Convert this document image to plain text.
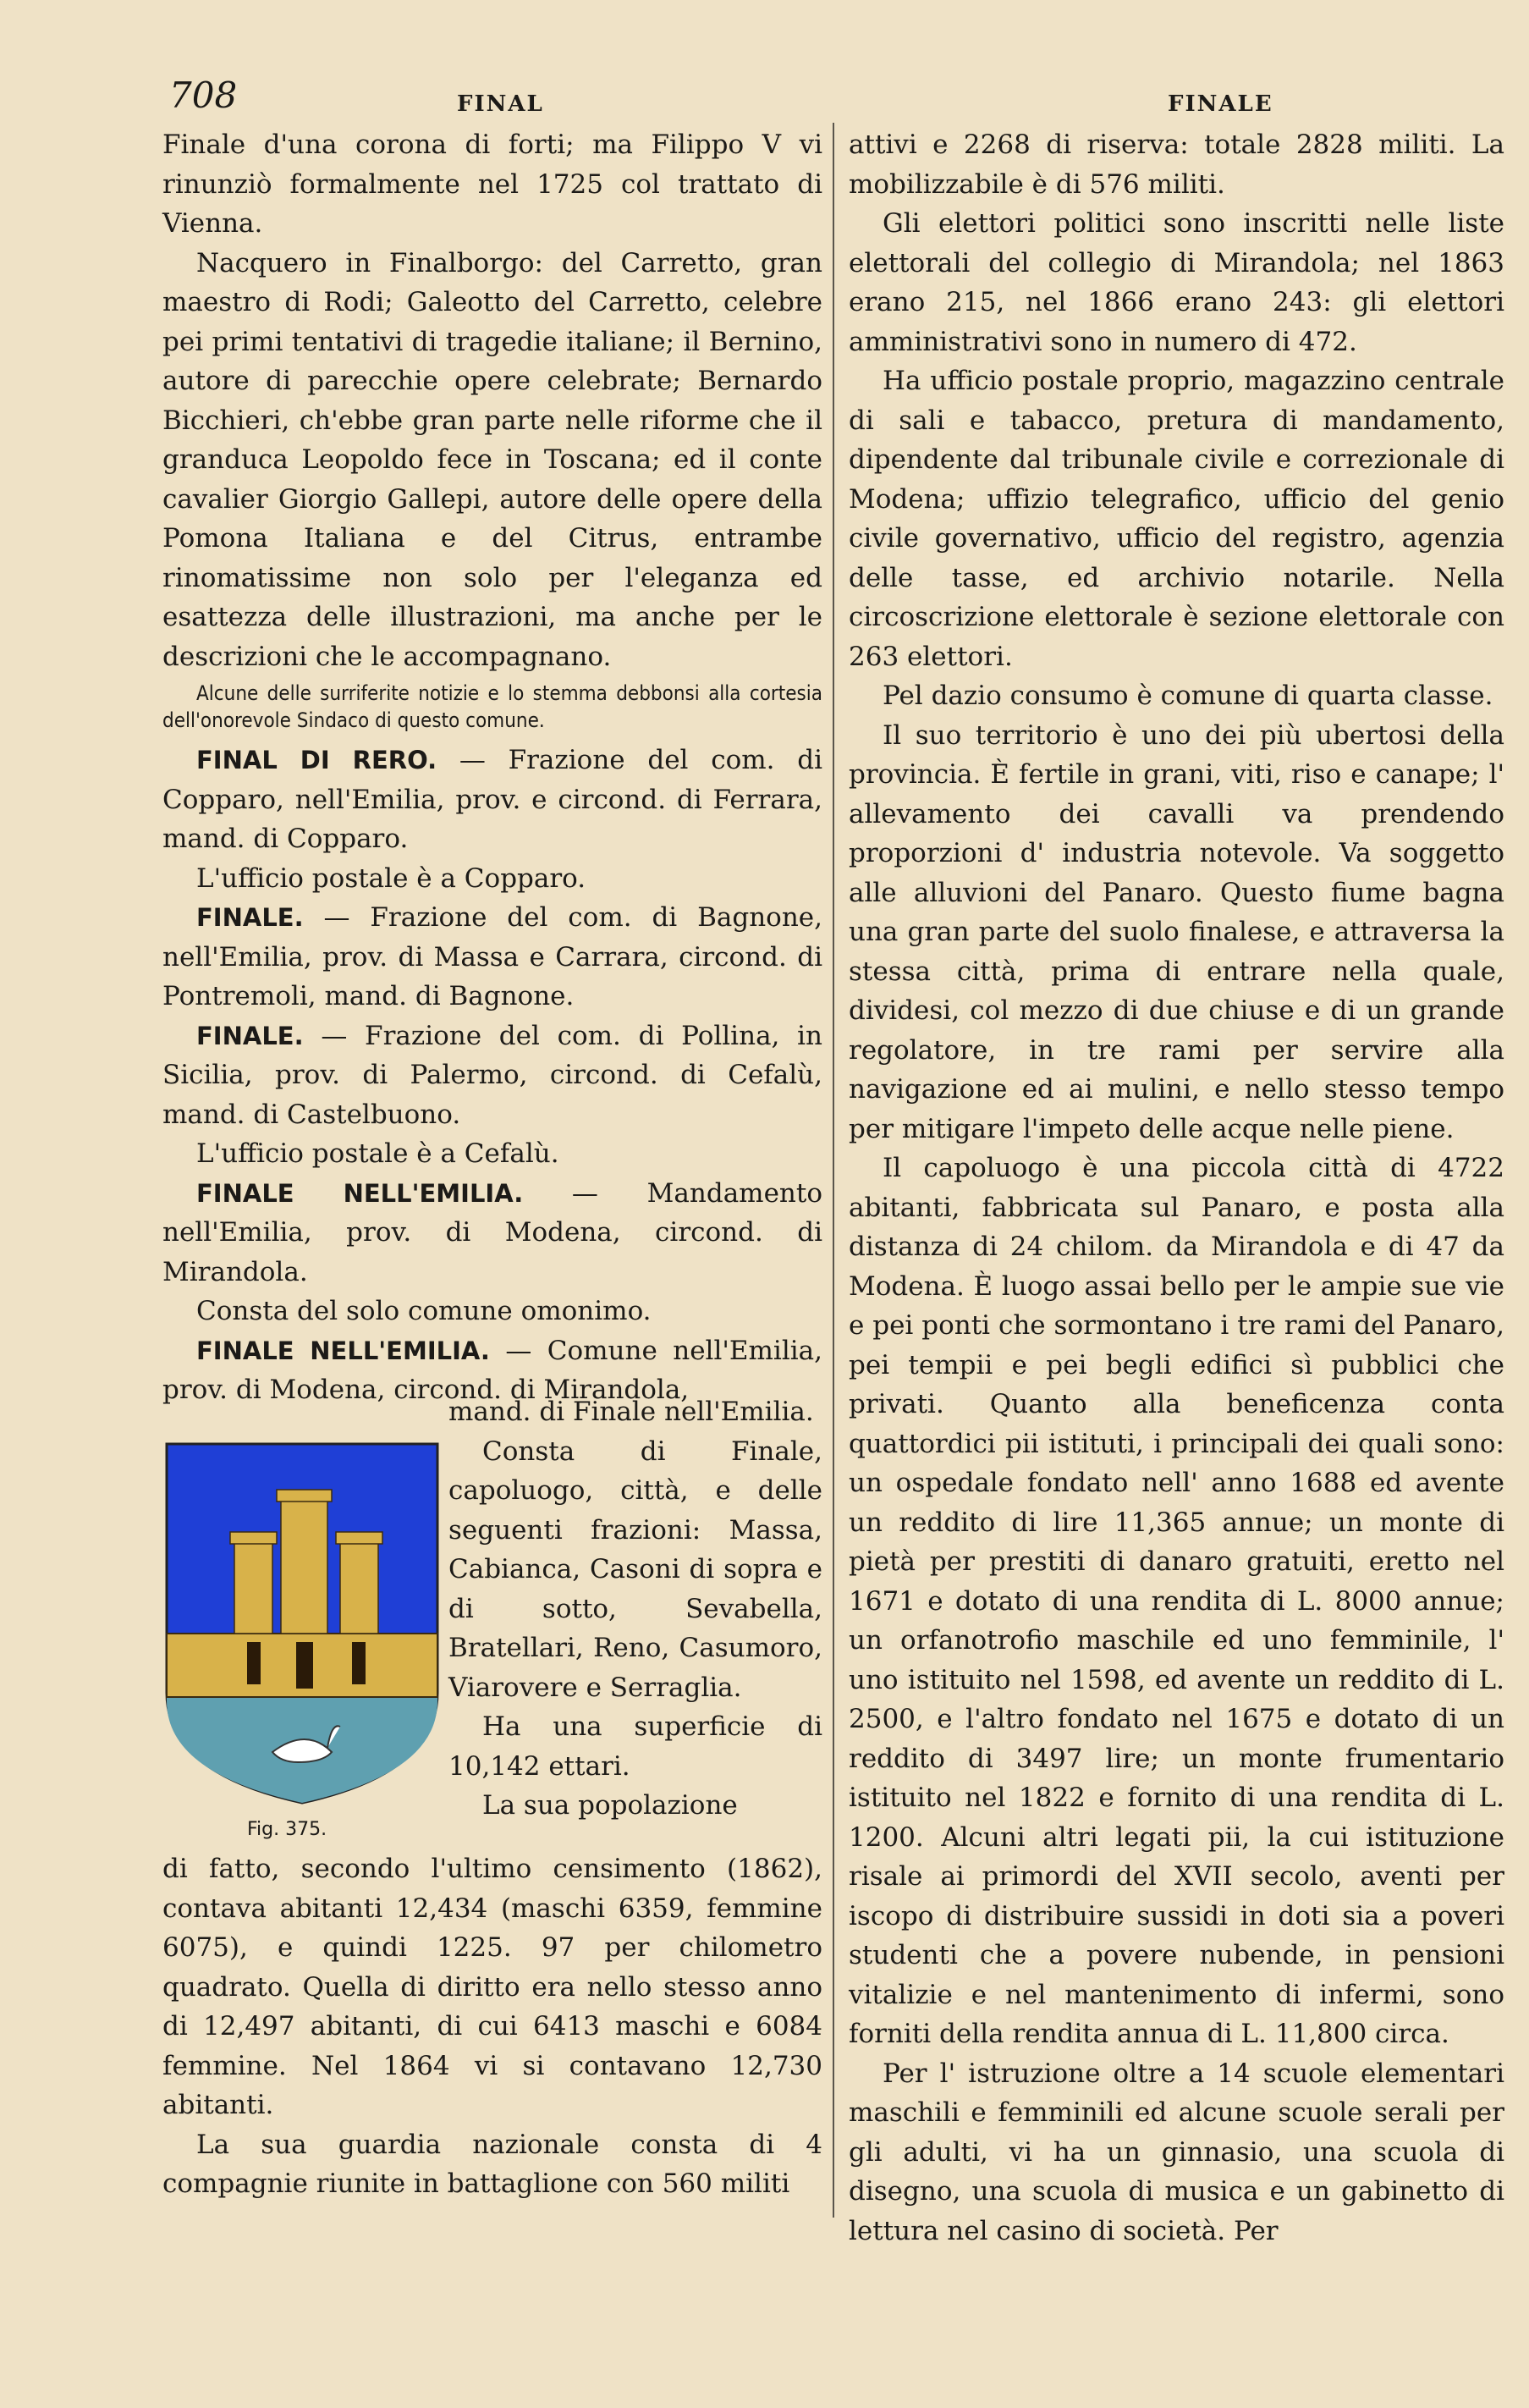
708	FINAL	FINALE

Finale d'una corona di forti; ma Filippo V vi rinunziò formalmente nel 1725 col trattato di Vienna.

Nacquero in Finalborgo: del Carretto, gran maestro di Rodi; Galeotto del Carretto, celebre pei primi tentativi di tragedie italiane; il Bernino, autore di parecchie opere celebrate; Bernardo Bicchieri, ch'ebbe gran parte nelle riforme che il granduca Leopoldo fece in Toscana; ed il conte cavalier Giorgio Gallepi, autore delle opere della Pomona Italiana e del Citrus, entrambe rinomatissime non solo per l'eleganza ed esattezza delle illustrazioni, ma anche per le descrizioni che le accompagnano.

Alcune delle surriferite notizie e lo stemma debbonsi alla cortesia dell'onorevole Sindaco di questo comune.

FINAL DI RERO. — Frazione del com. di Copparo, nell'Emilia, prov. e circond. di Ferrara, mand. di Copparo.

L'ufficio postale è a Copparo.

FINALE. — Frazione del com. di Bagnone, nell'Emilia, prov. di Massa e Carrara, circond. di Pontremoli, mand. di Bagnone.

FINALE. — Frazione del com. di Pollina, in Sicilia, prov. di Palermo, circond. di Cefalù, mand. di Castelbuono.

L'ufficio postale è a Cefalù.

FINALE NELL'EMILIA. — Mandamento nell'Emilia, prov. di Modena, circond. di Mirandola.

Consta del solo comune omonimo.

FINALE NELL'EMILIA. — Comune nell'Emilia, prov. di Modena, circond. di Mirandola,

Fig. 375.

mand. di Finale nell'Emilia.

Consta di Finale, capoluogo, città, e delle seguenti frazioni: Massa, Cabianca, Casoni di sopra e di sotto, Sevabella, Bratellari, Reno, Casumoro, Viarovere e Serraglia.

Ha una superficie di 10,142 ettari.

La sua popolazione

di fatto, secondo l'ultimo censimento (1862), contava abitanti 12,434 (maschi 6359, femmine 6075), e quindi 1225. 97 per chilometro quadrato. Quella di diritto era nello stesso anno di 12,497 abitanti, di cui 6413 maschi e 6084 femmine. Nel 1864 vi si contavano 12,730 abitanti.

La sua guardia nazionale consta di 4 compagnie riunite in battaglione con 560 militi

attivi e 2268 di riserva: totale 2828 militi. La mobilizzabile è di 576 militi.

Gli elettori politici sono inscritti nelle liste elettorali del collegio di Mirandola; nel 1863 erano 215, nel 1866 erano 243: gli elettori amministrativi sono in numero di 472.

Ha ufficio postale proprio, magazzino centrale di sali e tabacco, pretura di mandamento, dipendente dal tribunale civile e correzionale di Modena; uffizio telegrafico, ufficio del genio civile governativo, ufficio del registro, agenzia delle tasse, ed archivio notarile. Nella circoscrizione elettorale è sezione elettorale con 263 elettori.

Pel dazio consumo è comune di quarta classe.

Il suo territorio è uno dei più ubertosi della provincia. È fertile in grani, viti, riso e canape; l' allevamento dei cavalli va prendendo proporzioni d' industria notevole. Va soggetto alle alluvioni del Panaro. Questo fiume bagna una gran parte del suolo finalese, e attraversa la stessa città, prima di entrare nella quale, dividesi, col mezzo di due chiuse e di un grande regolatore, in tre rami per servire alla navigazione ed ai mulini, e nello stesso tempo per mitigare l'impeto delle acque nelle piene.

Il capoluogo è una piccola città di 4722 abitanti, fabbricata sul Panaro, e posta alla distanza di 24 chilom. da Mirandola e di 47 da Modena. È luogo assai bello per le ampie sue vie e pei ponti che sormontano i tre rami del Panaro, pei tempii e pei begli edifici sì pubblici che privati. Quanto alla beneficenza conta quattordici pii istituti, i principali dei quali sono: un ospedale fondato nell' anno 1688 ed avente un reddito di lire 11,365 annue; un monte di pietà per prestiti di danaro gratuiti, eretto nel 1671 e dotato di una rendita di L. 8000 annue; un orfanotrofio maschile ed uno femminile, l' uno istituito nel 1598, ed avente un reddito di L. 2500, e l'altro fondato nel 1675 e dotato di un reddito di 3497 lire; un monte frumentario istituito nel 1822 e fornito di una rendita di L. 1200. Alcuni altri legati pii, la cui istituzione risale ai primordi del XVII secolo, aventi per iscopo di distribuire sussidi in doti sia a poveri studenti che a povere nubende, in pensioni vitalizie e nel mantenimento di infermi, sono forniti della rendita annua di L. 11,800 circa.

Per l' istruzione oltre a 14 scuole elementari maschili e femminili ed alcune scuole serali per gli adulti, vi ha un ginnasio, una scuola di disegno, una scuola di musica e un gabinetto di lettura nel casino di società. Per
